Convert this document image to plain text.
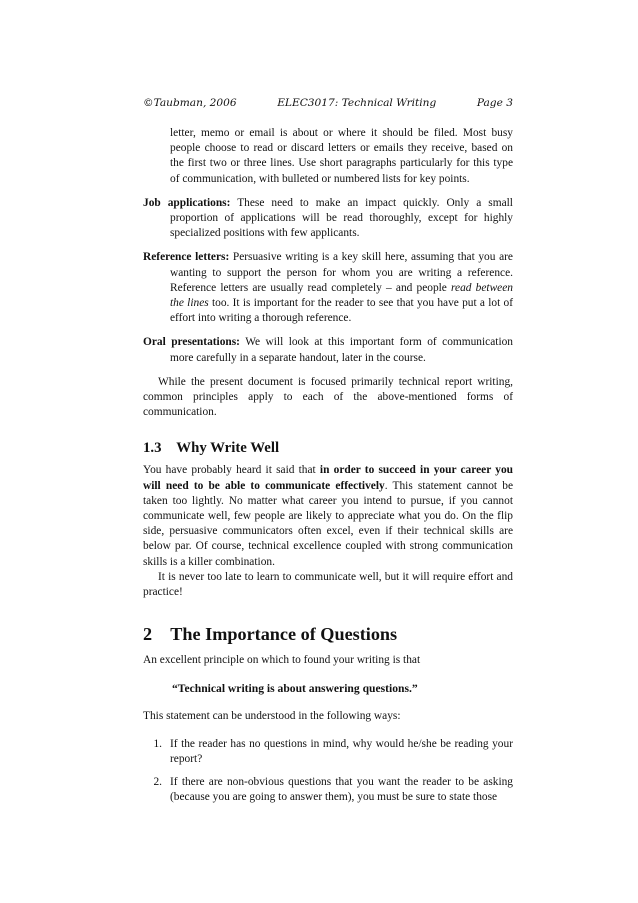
©Taubman, 2006	ELEC3017: Technical Writing	Page 3

letter, memo or email is about or where it should be filed. Most busy people choose to read or discard letters or emails they receive, based on the first two or three lines. Use short paragraphs particularly for this type of communication, with bulleted or numbered lists for key points.

Job applications: These need to make an impact quickly. Only a small proportion of applications will be read thoroughly, except for highly specialized positions with few applicants.

Reference letters: Persuasive writing is a key skill here, assuming that you are wanting to support the person for whom you are writing a reference. Reference letters are usually read completely – and people read between the lines too. It is important for the reader to see that you have put a lot of effort into writing a thorough reference.

Oral presentations: We will look at this important form of communication more carefully in a separate handout, later in the course.

While the present document is focused primarily technical report writing, common principles apply to each of the above-mentioned forms of communication.

1.3 Why Write Well

You have probably heard it said that in order to succeed in your career you will need to be able to communicate effectively. This statement cannot be taken too lightly. No matter what career you intend to pursue, if you cannot communicate well, few people are likely to appreciate what you do. On the flip side, persuasive communicators often excel, even if their technical skills are below par. Of course, technical excellence coupled with strong communication skills is a killer combination.

It is never too late to learn to communicate well, but it will require effort and practice!

2 The Importance of Questions

An excellent principle on which to found your writing is that

“Technical writing is about answering questions.”

This statement can be understood in the following ways:

1. If the reader has no questions in mind, why would he/she be reading your report?
2. If there are non-obvious questions that you want the reader to be asking (because you are going to answer them), you must be sure to state those
